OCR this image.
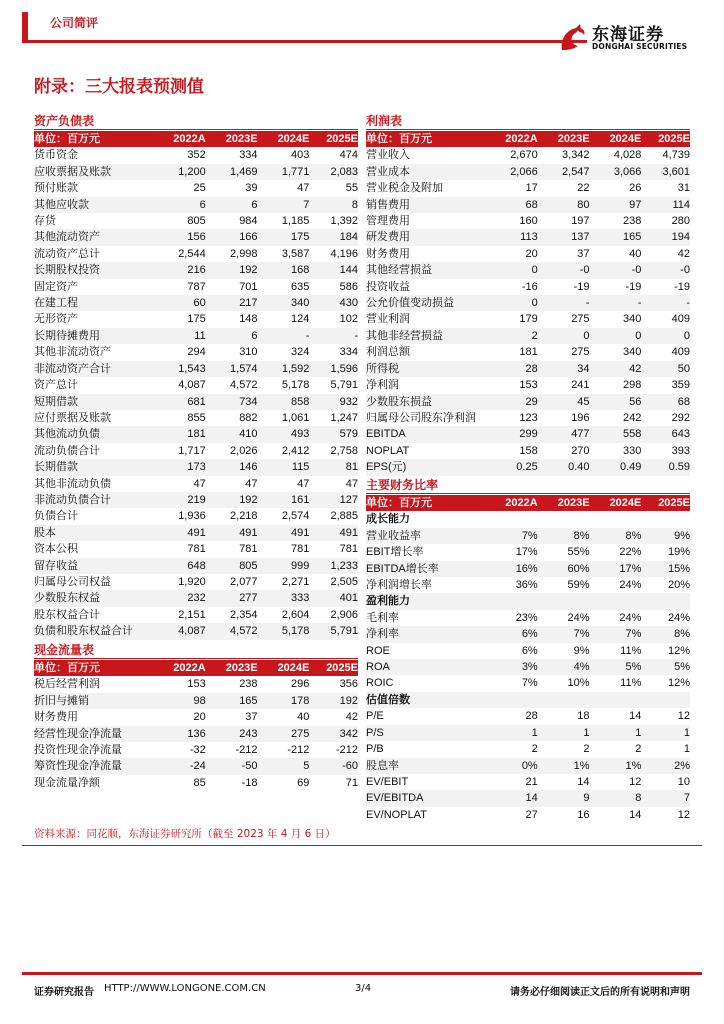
公司简评
东海证券
DONGHAI SECURITIES
附录：三大报表预测值
资产负债表
单位：百万元	2022A	2023E	2024E	2025E
货币资金	352	334	403	474
应收票据及账款	1,200	1,469	1,771	2,083
预付账款	25	39	47	55
其他应收款	6	6	7	8
存货	805	984	1,185	1,392
其他流动资产	156	166	175	184
流动资产总计	2,544	2,998	3,587	4,196
长期股权投资	216	192	168	144
固定资产	787	701	635	586
在建工程	60	217	340	430
无形资产	175	148	124	102
长期待摊费用	11	6	-	-
其他非流动资产	294	310	324	334
非流动资产合计	1,543	1,574	1,592	1,596
资产总计	4,087	4,572	5,178	5,791
短期借款	681	734	858	932
应付票据及账款	855	882	1,061	1,247
其他流动负债	181	410	493	579
流动负债合计	1,717	2,026	2,412	2,758
长期借款	173	146	115	81
其他非流动负债	47	47	47	47
非流动负债合计	219	192	161	127
负债合计	1,936	2,218	2,574	2,885
股本	491	491	491	491
资本公积	781	781	781	781
留存收益	648	805	999	1,233
归属母公司权益	1,920	2,077	2,271	2,505
少数股东权益	232	277	333	401
股东权益合计	2,151	2,354	2,604	2,906
负债和股东权益合计	4,087	4,572	5,178	5,791
现金流量表
单位：百万元	2022A	2023E	2024E	2025E
税后经营利润	153	238	296	356
折旧与摊销	98	165	178	192
财务费用	20	37	40	42
经营性现金净流量	136	243	275	342
投资性现金净流量	-32	-212	-212	-212
筹资性现金净流量	-24	-50	5	-60
现金流量净额	85	-18	69	71
利润表
单位：百万元	2022A	2023E	2024E	2025E
营业收入	2,670	3,342	4,028	4,739
营业成本	2,066	2,547	3,066	3,601
营业税金及附加	17	22	26	31
销售费用	68	80	97	114
管理费用	160	197	238	280
研发费用	113	137	165	194
财务费用	20	37	40	42
其他经营损益	0	-0	-0	-0
投资收益	-16	-19	-19	-19
公允价值变动损益	0	-	-	-
营业利润	179	275	340	409
其他非经营损益	2	0	0	0
利润总额	181	275	340	409
所得税	28	34	42	50
净利润	153	241	298	359
少数股东损益	29	45	56	68
归属母公司股东净利润	123	196	242	292
EBITDA	299	477	558	643
NOPLAT	158	270	330	393
EPS(元)	0.25	0.40	0.49	0.59
主要财务比率
单位：百万元	2022A	2023E	2024E	2025E
成长能力				
营业收益率	7%	8%	8%	9%
EBIT增长率	17%	55%	22%	19%
EBITDA增长率	16%	60%	17%	15%
净利润增长率	36%	59%	24%	20%
盈利能力				
毛利率	23%	24%	24%	24%
净利率	6%	7%	7%	8%
ROE	6%	9%	11%	12%
ROA	3%	4%	5%	5%
ROIC	7%	10%	11%	12%
估值倍数				
P/E	28	18	14	12
P/S	1	1	1	1
P/B	2	2	2	1
股息率	0%	1%	1%	2%
EV/EBIT	21	14	12	10
EV/EBITDA	14	9	8	7
EV/NOPLAT	27	16	14	12
资料来源：同花顺，东海证券研究所（截至 2023 年 4 月 6 日）
证券研究报告 HTTP://WWW.LONGONE.COM.CN	3/4	请务必仔细阅读正文后的所有说明和声明
